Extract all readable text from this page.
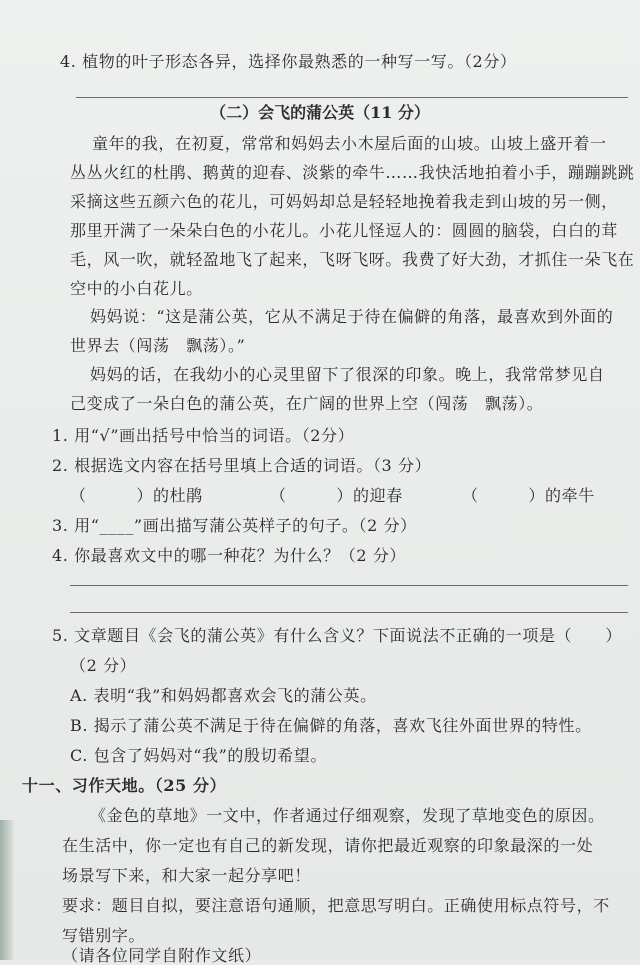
4. 植物的叶子形态各异，选择你最熟悉的一种写一写。（2分）
（二）会飞的蒲公英（11 分）
童年的我，在初夏，常常和妈妈去小木屋后面的山坡。山坡上盛开着一
丛丛火红的杜鹃、鹅黄的迎春、淡紫的牵牛……我快活地拍着小手，蹦蹦跳跳
采摘这些五颜六色的花儿，可妈妈却总是轻轻地挽着我走到山坡的另一侧，
那里开满了一朵朵白色的小花儿。小花儿怪逗人的：圆圆的脑袋，白白的茸
毛，风一吹，就轻盈地飞了起来，飞呀飞呀。我费了好大劲，才抓住一朵飞在
空中的小白花儿。
妈妈说：“这是蒲公英，它从不满足于待在偏僻的角落，最喜欢到外面的
世界去（闯荡　飘荡）。”
妈妈的话，在我幼小的心灵里留下了很深的印象。晚上，我常常梦见自
己变成了一朵白色的蒲公英，在广阔的世界上空（闯荡　飘荡）。
1. 用“√”画出括号中恰当的词语。（2分）
2. 根据选文内容在括号里填上合适的词语。（3 分）
（　　　）的杜鹃	（　　　）的迎春	（　　　）的牵牛
3. 用“____”画出描写蒲公英样子的句子。（2 分）
4. 你最喜欢文中的哪一种花？为什么？（2 分）
5. 文章题目《会飞的蒲公英》有什么含义？下面说法不正确的一项是（　　）
（2 分）
A. 表明“我”和妈妈都喜欢会飞的蒲公英。
B. 揭示了蒲公英不满足于待在偏僻的角落，喜欢飞往外面世界的特性。
C. 包含了妈妈对“我”的殷切希望。
十一、习作天地。（25 分）
《金色的草地》一文中，作者通过仔细观察，发现了草地变色的原因。
在生活中，你一定也有自己的新发现，请你把最近观察的印象最深的一处
场景写下来，和大家一起分享吧！
要求：题目自拟，要注意语句通顺，把意思写明白。正确使用标点符号，不
写错别字。
（请各位同学自附作文纸）
